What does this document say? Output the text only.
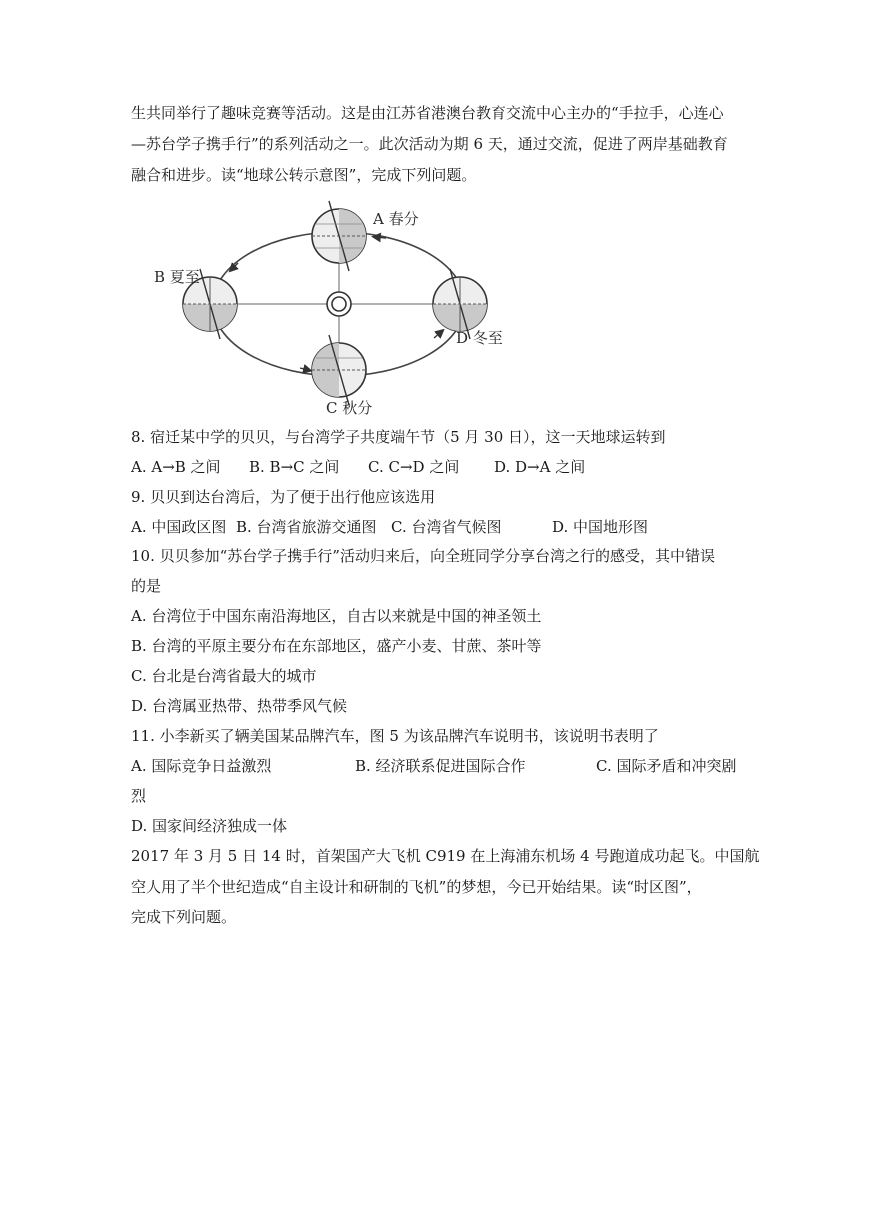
生共同举行了趣味竞赛等活动。这是由江苏省港澳台教育交流中心主办的“手拉手，心连心
—苏台学子携手行”的系列活动之一。此次活动为期 6 天，通过交流，促进了两岸基础教育
融合和进步。读“地球公转示意图”，完成下列问题。
A 春分
B 夏至
C 秋分
D 冬至
8. 宿迁某中学的贝贝，与台湾学子共度端午节（5 月 30 日），这一天地球运转到
A. A→B 之间 B. B→C 之间 C. C→D 之间 D. D→A 之间
9. 贝贝到达台湾后，为了便于出行他应该选用
A. 中国政区图 B. 台湾省旅游交通图 C. 台湾省气候图	D. 中国地形图
10. 贝贝参加“苏台学子携手行”活动归来后，向全班同学分享台湾之行的感受，其中错误
的是
A. 台湾位于中国东南沿海地区，自古以来就是中国的神圣领土
B. 台湾的平原主要分布在东部地区，盛产小麦、甘蔗、茶叶等
C. 台北是台湾省最大的城市
D. 台湾属亚热带、热带季风气候
11. 小李新买了辆美国某品牌汽车，图 5 为该品牌汽车说明书，该说明书表明了
A. 国际竞争日益激烈	B. 经济联系促进国际合作	C. 国际矛盾和冲突剧
烈
D. 国家间经济独成一体
2017 年 3 月 5 日 14 时，首架国产大飞机 C919 在上海浦东机场 4 号跑道成功起飞。中国航
空人用了半个世纪造成“自主设计和研制的飞机”的梦想，今已开始结果。读“时区图”，
完成下列问题。
